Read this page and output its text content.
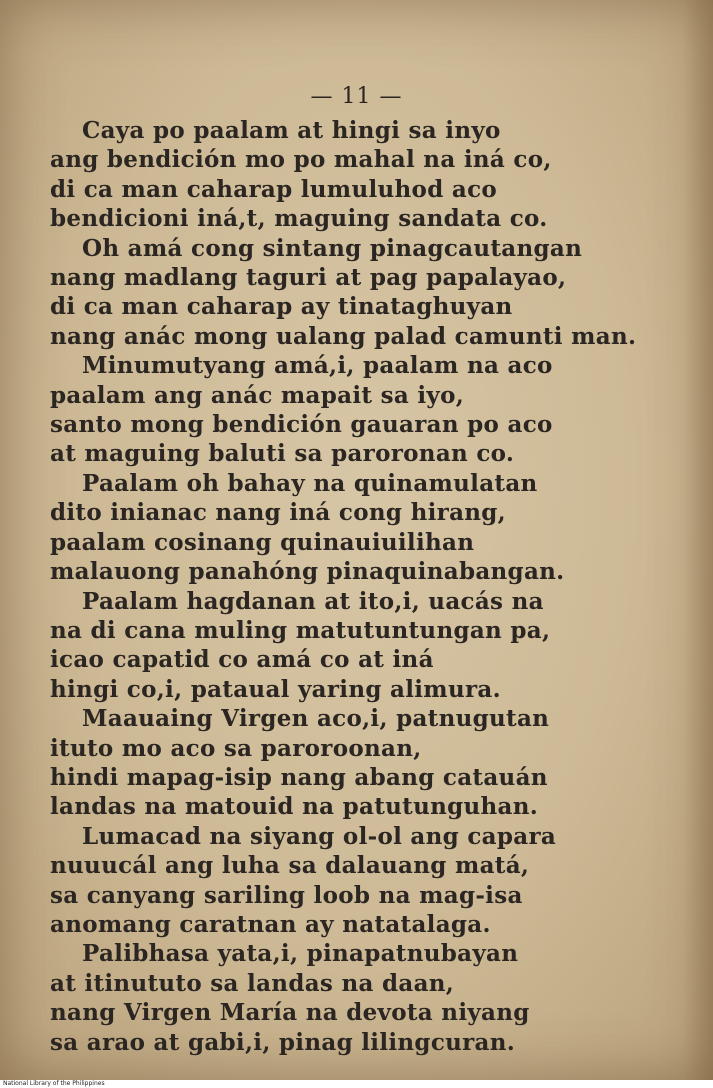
— 11 —
Caya po paalam at hingi sa inyo
ang bendición mo po mahal na iná co,
di ca man caharap lumuluhod aco
bendicioni iná,t, maguing sandata co.
Oh amá cong sintang pinagcautangan
nang madlang taguri at pag papalayao,
di ca man caharap ay tinataghuyan
nang anác mong ualang palad camunti man.
Minumutyang amá,i, paalam na aco
paalam ang anác mapait sa iyo,
santo mong bendición gauaran po aco
at maguing baluti sa paroronan co.
Paalam oh bahay na quinamulatan
dito inianac nang iná cong hirang,
paalam cosinang quinauiuilihan
malauong panahóng pinaquinabangan.
Paalam hagdanan at ito,i, uacás na
na di cana muling matutuntungan pa,
icao capatid co amá co at iná
hingi co,i, pataual yaring alimura.
Maauaing Virgen aco,i, patnugutan
ituto mo aco sa paroroonan,
hindi mapag-isip nang abang catauán
landas na matouid na patutunguhan.
Lumacad na siyang ol-ol ang capara
nuuucál ang luha sa dalauang matá,
sa canyang sariling loob na mag-isa
anomang caratnan ay natatalaga.
Palibhasa yata,i, pinapatnubayan
at itinututo sa landas na daan,
nang Virgen María na devota niyang
sa arao at gabi,i, pinag lilingcuran.
National Library of the Philippines
